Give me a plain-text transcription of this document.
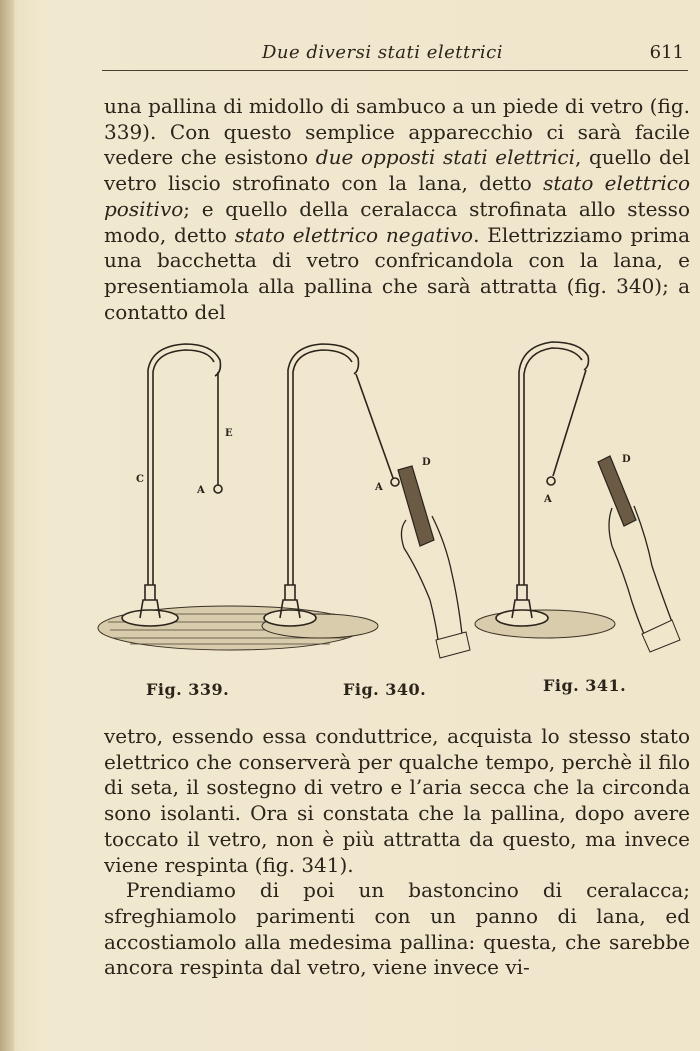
Due diversi stati elettrici	611

una pallina di midollo di sambuco a un piede di vetro (fig. 339). Con questo semplice apparecchio ci sarà facile vedere che esistono due opposti stati elettrici, quello del vetro liscio strofinato con la lana, detto stato elettrico positivo; e quello della ceralacca strofinata allo stesso modo, detto stato elettrico negativo. Elettrizziamo prima una bacchetta di vetro confricandola con la lana, e presentiamola alla pallina che sarà attratta (fig. 340); a contatto del

C
A
E
A
D
A
D
Fig. 339.	Fig. 340.	Fig. 341.

vetro, essendo essa conduttrice, acquista lo stesso stato elettrico che conserverà per qualche tempo, perchè il filo di seta, il sostegno di vetro e l’aria secca che la circonda sono isolanti. Ora si constata che la pallina, dopo avere toccato il vetro, non è più attratta da questo, ma invece viene respinta (fig. 341).

Prendiamo di poi un bastoncino di ceralacca; sfreghiamolo parimenti con un panno di lana, ed accostiamolo alla medesima pallina: questa, che sarebbe ancora respinta dal vetro, viene invece vi-
